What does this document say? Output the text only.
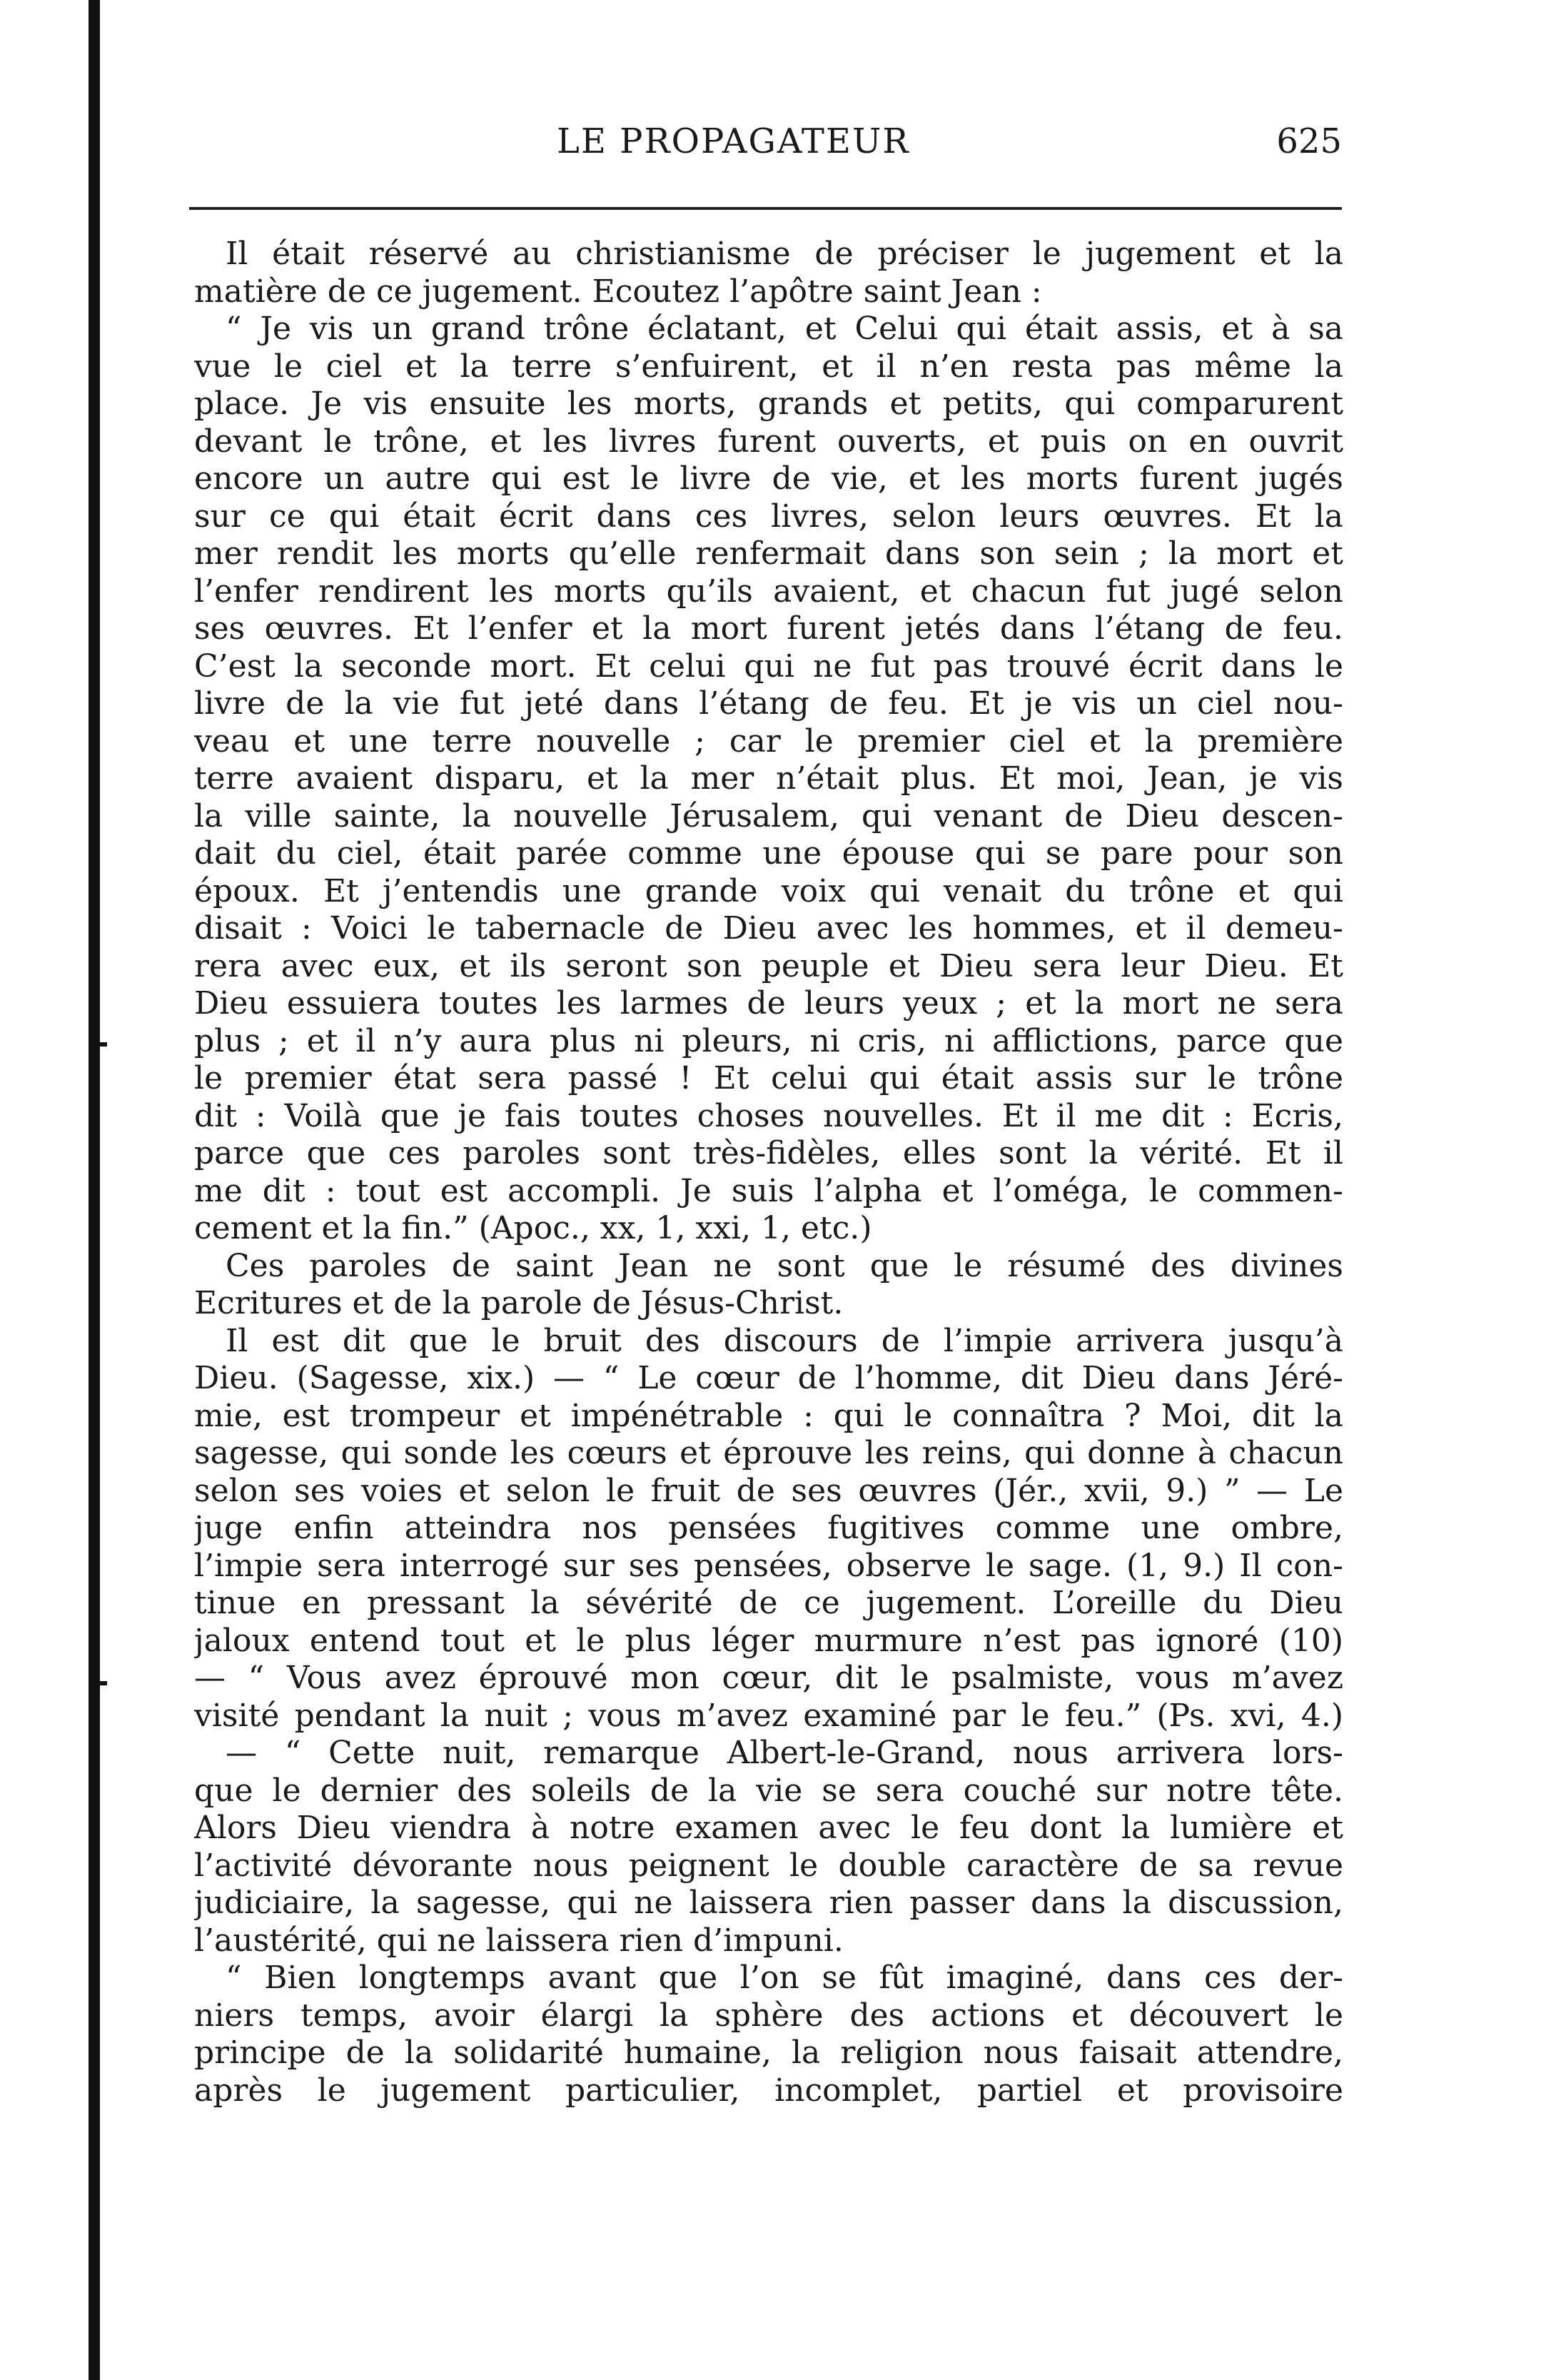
LE PROPAGATEUR	625
Il était réservé au christianisme de préciser le jugement et la
matière de ce jugement. Ecoutez l’apôtre saint Jean :
“ Je vis un grand trône éclatant, et Celui qui était assis, et à sa
vue le ciel et la terre s’enfuirent, et il n’en resta pas même la
place. Je vis ensuite les morts, grands et petits, qui comparurent
devant le trône, et les livres furent ouverts, et puis on en ouvrit
encore un autre qui est le livre de vie, et les morts furent jugés
sur ce qui était écrit dans ces livres, selon leurs œuvres. Et la
mer rendit les morts qu’elle renfermait dans son sein ; la mort et
l’enfer rendirent les morts qu’ils avaient, et chacun fut jugé selon
ses œuvres. Et l’enfer et la mort furent jetés dans l’étang de feu.
C’est la seconde mort. Et celui qui ne fut pas trouvé écrit dans le
livre de la vie fut jeté dans l’étang de feu. Et je vis un ciel nou-
veau et une terre nouvelle ; car le premier ciel et la première
terre avaient disparu, et la mer n’était plus. Et moi, Jean, je vis
la ville sainte, la nouvelle Jérusalem, qui venant de Dieu descen-
dait du ciel, était parée comme une épouse qui se pare pour son
époux. Et j’entendis une grande voix qui venait du trône et qui
disait : Voici le tabernacle de Dieu avec les hommes, et il demeu-
rera avec eux, et ils seront son peuple et Dieu sera leur Dieu. Et
Dieu essuiera toutes les larmes de leurs yeux ; et la mort ne sera
plus ; et il n’y aura plus ni pleurs, ni cris, ni afflictions, parce que
le premier état sera passé ! Et celui qui était assis sur le trône
dit : Voilà que je fais toutes choses nouvelles. Et il me dit : Ecris,
parce que ces paroles sont très-fidèles, elles sont la vérité. Et il
me dit : tout est accompli. Je suis l’alpha et l’oméga, le commen-
cement et la fin.” (Apoc., xx, 1, xxi, 1, etc.)
Ces paroles de saint Jean ne sont que le résumé des divines
Ecritures et de la parole de Jésus-Christ.
Il est dit que le bruit des discours de l’impie arrivera jusqu’à
Dieu. (Sagesse, xix.) — “ Le cœur de l’homme, dit Dieu dans Jéré-
mie, est trompeur et impénétrable : qui le connaîtra ? Moi, dit la
sagesse, qui sonde les cœurs et éprouve les reins, qui donne à chacun
selon ses voies et selon le fruit de ses œuvres (Jér., xvii, 9.) ” — Le
juge enfin atteindra nos pensées fugitives comme une ombre,
l’impie sera interrogé sur ses pensées, observe le sage. (1, 9.) Il con-
tinue en pressant la sévérité de ce jugement. L’oreille du Dieu
jaloux entend tout et le plus léger murmure n’est pas ignoré (10)
— “ Vous avez éprouvé mon cœur, dit le psalmiste, vous m’avez
visité pendant la nuit ; vous m’avez examiné par le feu.” (Ps. xvi, 4.)
— “ Cette nuit, remarque Albert-le-Grand, nous arrivera lors-
que le dernier des soleils de la vie se sera couché sur notre tête.
Alors Dieu viendra à notre examen avec le feu dont la lumière et
l’activité dévorante nous peignent le double caractère de sa revue
judiciaire, la sagesse, qui ne laissera rien passer dans la discussion,
l’austérité, qui ne laissera rien d’impuni.
“ Bien longtemps avant que l’on se fût imaginé, dans ces der-
niers temps, avoir élargi la sphère des actions et découvert le
principe de la solidarité humaine, la religion nous faisait attendre,
après le jugement particulier, incomplet, partiel et provisoire
